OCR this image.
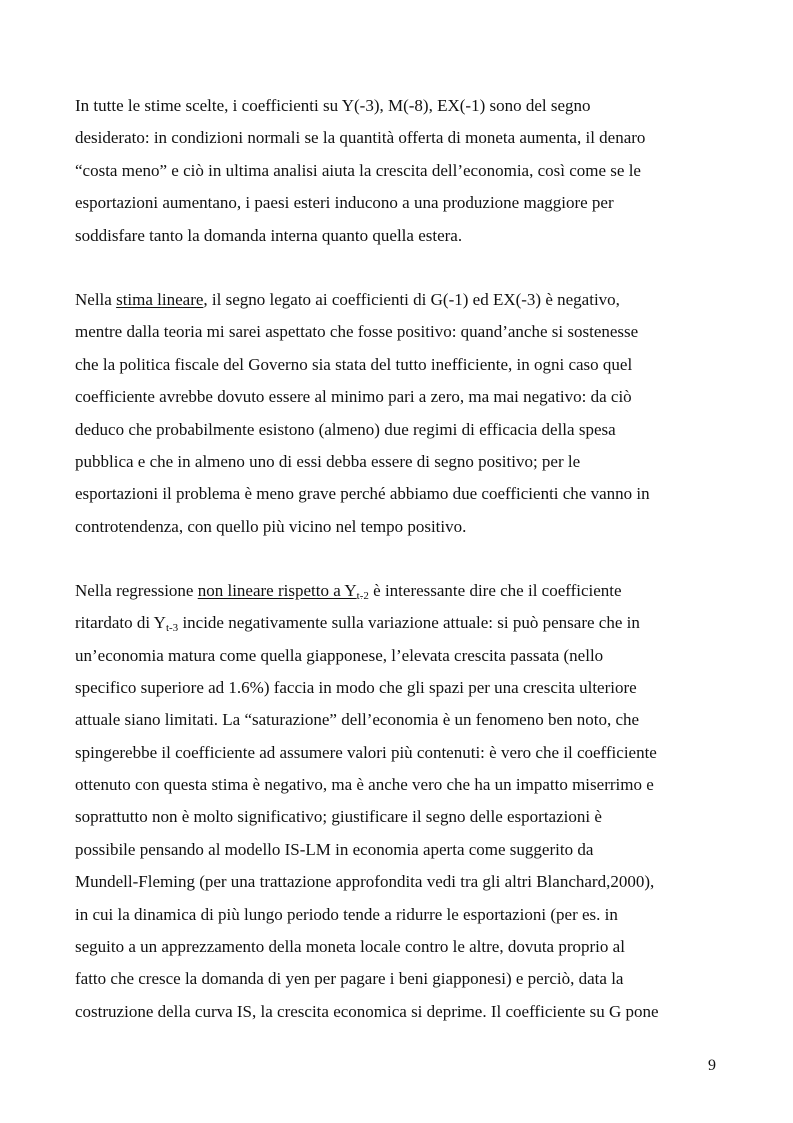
In tutte le stime scelte, i coefficienti su Y(-3), M(-8), EX(-1) sono del segno
desiderato: in condizioni normali se la quantità offerta di moneta aumenta, il denaro
“costa meno” e ciò in ultima analisi aiuta la crescita dell’economia, così come se le
esportazioni aumentano, i paesi esteri inducono a una produzione maggiore per
soddisfare tanto la domanda interna quanto quella estera.
Nella stima lineare, il segno legato ai coefficienti di G(-1) ed EX(-3) è negativo,
mentre dalla teoria mi sarei aspettato che fosse positivo: quand’anche si sostenesse
che la politica fiscale del Governo sia stata del tutto inefficiente, in ogni caso quel
coefficiente avrebbe dovuto essere al minimo pari a zero, ma mai negativo: da ciò
deduco che probabilmente esistono (almeno) due regimi di efficacia della spesa
pubblica e che in almeno uno di essi debba essere di segno positivo; per le
esportazioni il problema è meno grave perché abbiamo due coefficienti che vanno in
controtendenza, con quello più vicino nel tempo positivo.
Nella regressione non lineare rispetto a $Y_{t-2}$ è interessante dire che il coefficiente
ritardato di $Y_{t-3}$ incide negativamente sulla variazione attuale: si può pensare che in
un’economia matura come quella giapponese, l’elevata crescita passata (nello
specifico superiore ad 1.6%) faccia in modo che gli spazi per una crescita ulteriore
attuale siano limitati. La “saturazione” dell’economia è un fenomeno ben noto, che
spingerebbe il coefficiente ad assumere valori più contenuti: è vero che il coefficiente
ottenuto con questa stima è negativo, ma è anche vero che ha un impatto miserrimo e
soprattutto non è molto significativo; giustificare il segno delle esportazioni è
possibile pensando al modello IS-LM in economia aperta come suggerito da
Mundell-Fleming (per una trattazione approfondita vedi tra gli altri Blanchard,2000),
in cui la dinamica di più lungo periodo tende a ridurre le esportazioni (per es. in
seguito a un apprezzamento della moneta locale contro le altre, dovuta proprio al
fatto che cresce la domanda di yen per pagare i beni giapponesi) e perciò, data la
costruzione della curva IS, la crescita economica si deprime. Il coefficiente su G pone
9
